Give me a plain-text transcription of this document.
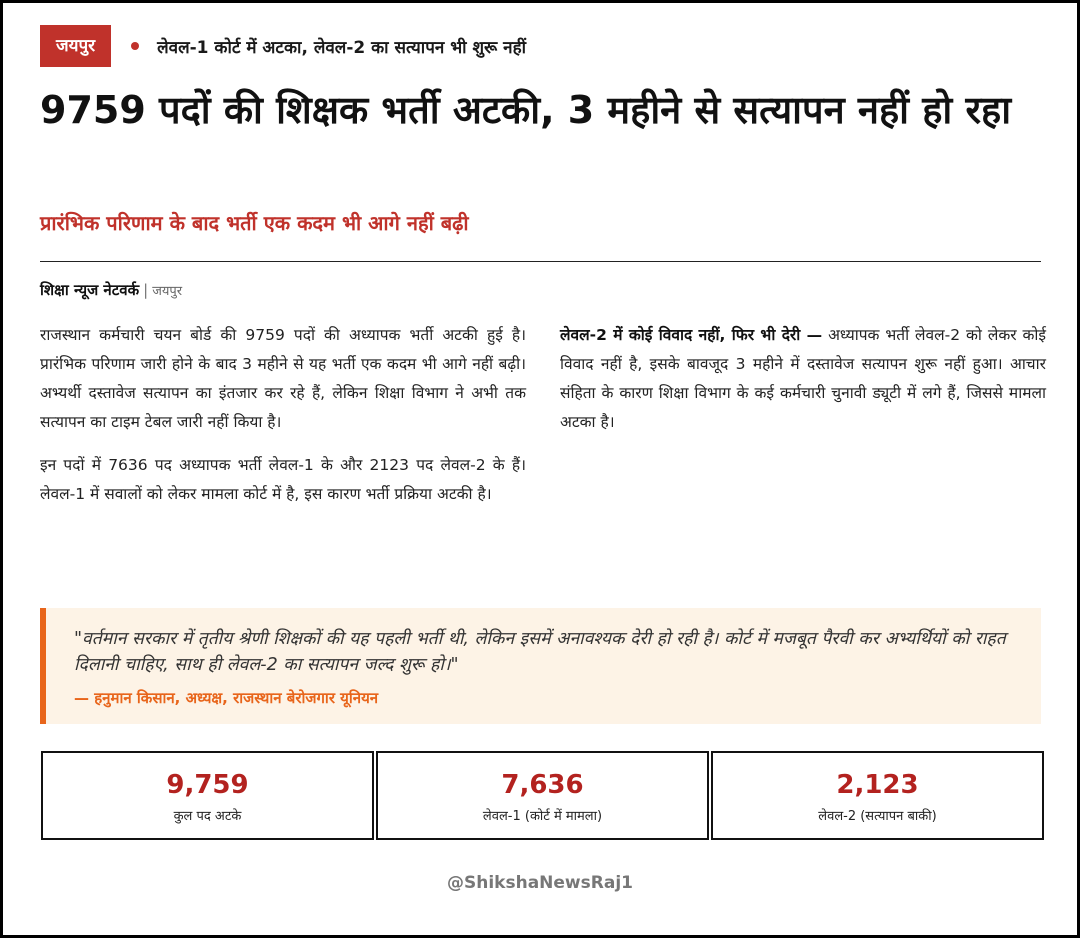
जयपुर	लेवल-1 कोर्ट में अटका, लेवल-2 का सत्यापन भी शुरू नहीं
9759 पदों की शिक्षक भर्ती अटकी, 3 महीने से सत्यापन नहीं हो रहा
प्रारंभिक परिणाम के बाद भर्ती एक कदम भी आगे नहीं बढ़ी
शिक्षा न्यूज नेटवर्क | जयपुर

राजस्थान कर्मचारी चयन बोर्ड की 9759 पदों की अध्यापक भर्ती अटकी हुई है। प्रारंभिक परिणाम जारी होने के बाद 3 महीने से यह भर्ती एक कदम भी आगे नहीं बढ़ी। अभ्यर्थी दस्तावेज सत्यापन का इंतजार कर रहे हैं, लेकिन शिक्षा विभाग ने अभी तक सत्यापन का टाइम टेबल जारी नहीं किया है।

इन पदों में 7636 पद अध्यापक भर्ती लेवल-1 के और 2123 पद लेवल-2 के हैं। लेवल-1 में सवालों को लेकर मामला कोर्ट में है, इस कारण भर्ती प्रक्रिया अटकी है।

लेवल-2 में कोई विवाद नहीं, फिर भी देरी — अध्यापक भर्ती लेवल-2 को लेकर कोई विवाद नहीं है, इसके बावजूद 3 महीने में दस्तावेज सत्यापन शुरू नहीं हुआ। आचार संहिता के कारण शिक्षा विभाग के कई कर्मचारी चुनावी ड्यूटी में लगे हैं, जिससे मामला अटका है।

"वर्तमान सरकार में तृतीय श्रेणी शिक्षकों की यह पहली भर्ती थी, लेकिन इसमें अनावश्यक देरी हो रही है। कोर्ट में मजबूत पैरवी कर अभ्यर्थियों को राहत दिलानी चाहिए, साथ ही लेवल-2 का सत्यापन जल्द शुरू हो।"

— हनुमान किसान, अध्यक्ष, राजस्थान बेरोजगार यूनियन
9,759
कुल पद अटके
7,636
लेवल-1 (कोर्ट में मामला)
2,123
लेवल-2 (सत्यापन बाकी)
@ShikshaNewsRaj1
